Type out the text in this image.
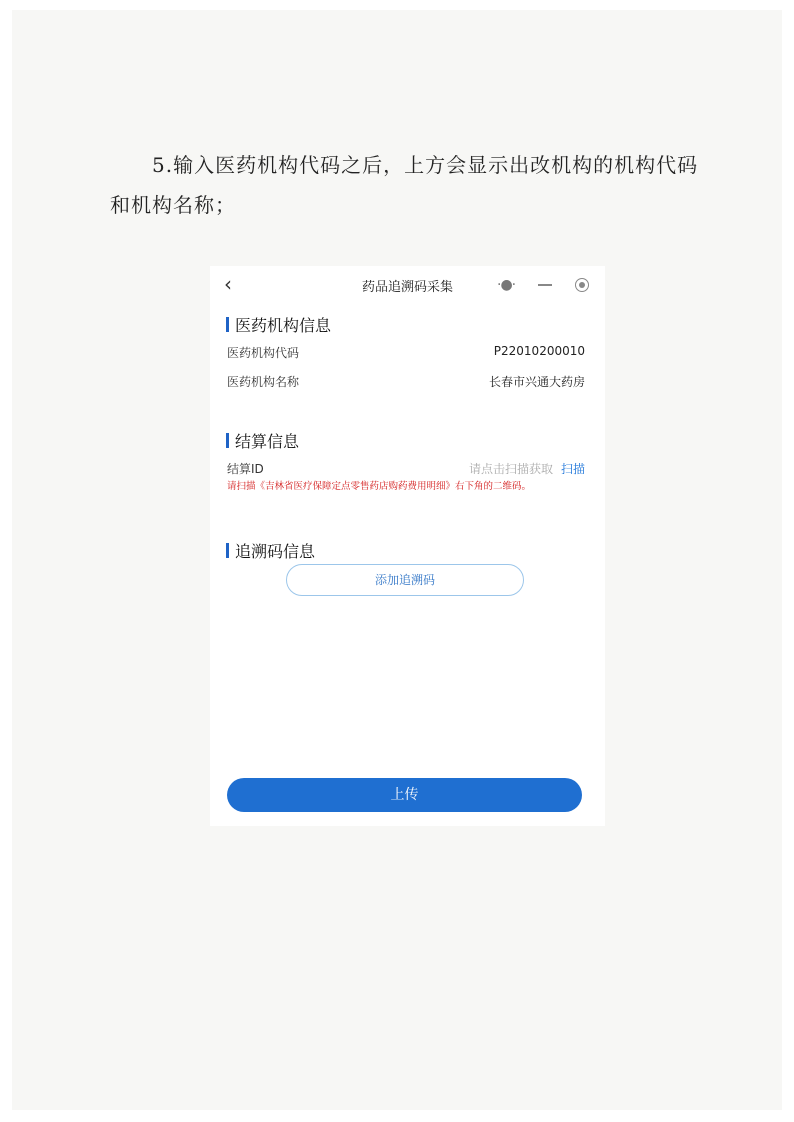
5.输入医药机构代码之后，上方会显示出改机构的机构代码和机构名称；
‹	药品追溯码采集	·●·
医药机构信息
医药机构代码	P22010200010
医药机构名称	长春市兴通大药房
结算信息
结算ID	请点击扫描获取 扫描
请扫描《吉林省医疗保障定点零售药店购药费用明细》右下角的二维码。
追溯码信息
添加追溯码
上传
